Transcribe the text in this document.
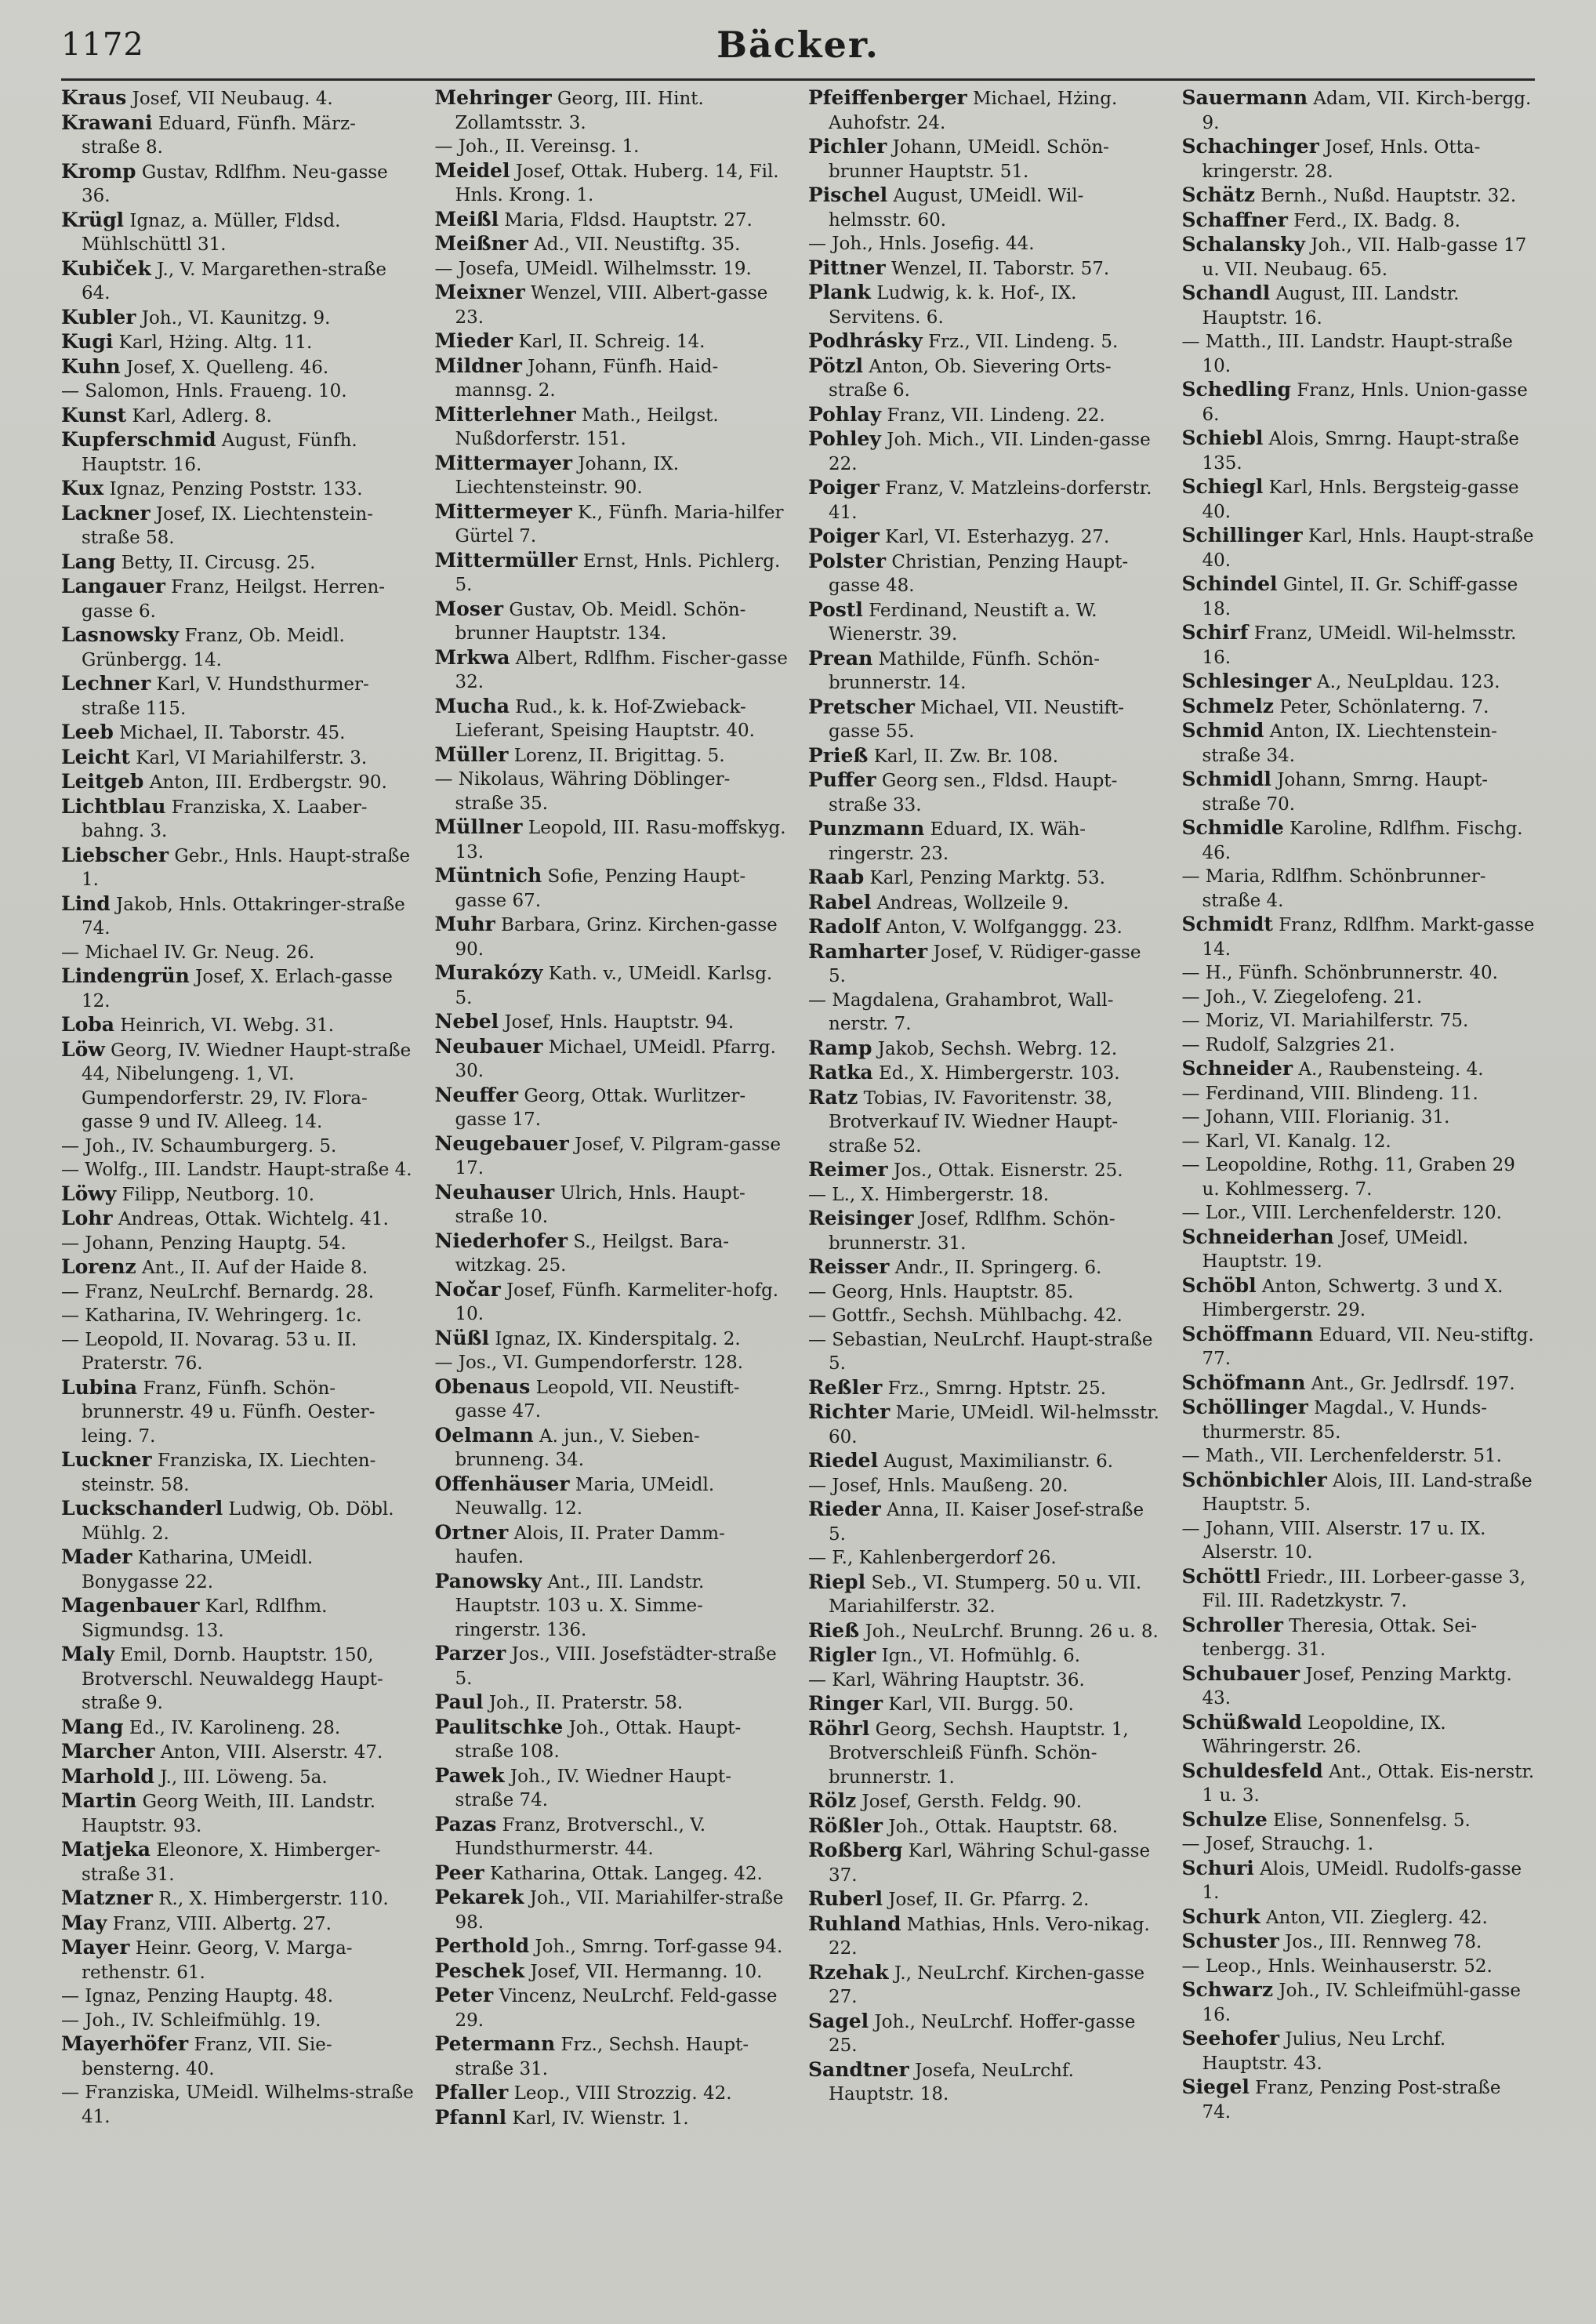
1172	Bäcker.

Kraus Josef, VII Neubaug. 4.

Krawani Eduard, Fünfh. März-straße 8.

Kromp Gustav, Rdlfhm. Neu-gasse 36.

Krügl Ignaz, a. Müller, Fldsd. Mühlschüttl 31.

Kubiček J., V. Margarethen-straße 64.

Kubler Joh., VI. Kaunitzg. 9.

Kugi Karl, Hżing. Altg. 11.

Kuhn Josef, X. Quelleng. 46.

— Salomon, Hnls. Fraueng. 10.

Kunst Karl, Adlerg. 8.

Kupferschmid August, Fünfh. Hauptstr. 16.

Kux Ignaz, Penzing Poststr. 133.

Lackner Josef, IX. Liechtenstein-straße 58.

Lang Betty, II. Circusg. 25.

Langauer Franz, Heilgst. Herren-gasse 6.

Lasnowsky Franz, Ob. Meidl. Grünbergg. 14.

Lechner Karl, V. Hundsthurmer-straße 115.

Leeb Michael, II. Taborstr. 45.

Leicht Karl, VI Mariahilferstr. 3.

Leitgeb Anton, III. Erdbergstr. 90.

Lichtblau Franziska, X. Laaber-bahng. 3.

Liebscher Gebr., Hnls. Haupt-straße 1.

Lind Jakob, Hnls. Ottakringer-straße 74.

— Michael IV. Gr. Neug. 26.

Lindengrün Josef, X. Erlach-gasse 12.

Loba Heinrich, VI. Webg. 31.

Löw Georg, IV. Wiedner Haupt-straße 44, Nibelungeng. 1, VI. Gumpendorferstr. 29, IV. Flora-gasse 9 und IV. Alleeg. 14.

— Joh., IV. Schaumburgerg. 5.

— Wolfg., III. Landstr. Haupt-straße 4.

Löwy Filipp, Neutborg. 10.

Lohr Andreas, Ottak. Wichtelg. 41.

— Johann, Penzing Hauptg. 54.

Lorenz Ant., II. Auf der Haide 8.

— Franz, NeuLrchf. Bernardg. 28.

— Katharina, IV. Wehringerg. 1c.

— Leopold, II. Novarag. 53 u. II. Praterstr. 76.

Lubina Franz, Fünfh. Schön-brunnerstr. 49 u. Fünfh. Oester-leing. 7.

Luckner Franziska, IX. Liechten-steinstr. 58.

Luckschanderl Ludwig, Ob. Döbl. Mühlg. 2.

Mader Katharina, UMeidl. Bonygasse 22.

Magenbauer Karl, Rdlfhm. Sigmundsg. 13.

Maly Emil, Dornb. Hauptstr. 150, Brotverschl. Neuwaldegg Haupt-straße 9.

Mang Ed., IV. Karolineng. 28.

Marcher Anton, VIII. Alserstr. 47.

Marhold J., III. Löweng. 5a.

Martin Georg Weith, III. Landstr. Hauptstr. 93.

Matjeka Eleonore, X. Himberger-straße 31.

Matzner R., X. Himbergerstr. 110.

May Franz, VIII. Albertg. 27.

Mayer Heinr. Georg, V. Marga-rethenstr. 61.

— Ignaz, Penzing Hauptg. 48.

— Joh., IV. Schleifmühlg. 19.

Mayerhöfer Franz, VII. Sie-bensterng. 40.

— Franziska, UMeidl. Wilhelms-straße 41.

Mehringer Georg, III. Hint. Zollamtsstr. 3.

— Joh., II. Vereinsg. 1.

Meidel Josef, Ottak. Huberg. 14, Fil. Hnls. Krong. 1.

Meißl Maria, Fldsd. Hauptstr. 27.

Meißner Ad., VII. Neustiftg. 35.

— Josefa, UMeidl. Wilhelmsstr. 19.

Meixner Wenzel, VIII. Albert-gasse 23.

Mieder Karl, II. Schreig. 14.

Mildner Johann, Fünfh. Haid-mannsg. 2.

Mitterlehner Math., Heilgst. Nußdorferstr. 151.

Mittermayer Johann, IX. Liechtensteinstr. 90.

Mittermeyer K., Fünfh. Maria-hilfer Gürtel 7.

Mittermüller Ernst, Hnls. Pichlerg. 5.

Moser Gustav, Ob. Meidl. Schön-brunner Hauptstr. 134.

Mrkwa Albert, Rdlfhm. Fischer-gasse 32.

Mucha Rud., k. k. Hof-Zwieback-Lieferant, Speising Hauptstr. 40.

Müller Lorenz, II. Brigittag. 5.

— Nikolaus, Währing Döblinger-straße 35.

Müllner Leopold, III. Rasu-moffskyg. 13.

Müntnich Sofie, Penzing Haupt-gasse 67.

Muhr Barbara, Grinz. Kirchen-gasse 90.

Murakózy Kath. v., UMeidl. Karlsg. 5.

Nebel Josef, Hnls. Hauptstr. 94.

Neubauer Michael, UMeidl. Pfarrg. 30.

Neuffer Georg, Ottak. Wurlitzer-gasse 17.

Neugebauer Josef, V. Pilgram-gasse 17.

Neuhauser Ulrich, Hnls. Haupt-straße 10.

Niederhofer S., Heilgst. Bara-witzkag. 25.

Nočar Josef, Fünfh. Karmeliter-hofg. 10.

Nüßl Ignaz, IX. Kinderspitalg. 2.

— Jos., VI. Gumpendorferstr. 128.

Obenaus Leopold, VII. Neustift-gasse 47.

Oelmann A. jun., V. Sieben-brunneng. 34.

Offenhäuser Maria, UMeidl. Neuwallg. 12.

Ortner Alois, II. Prater Damm-haufen.

Panowsky Ant., III. Landstr. Hauptstr. 103 u. X. Simme-ringerstr. 136.

Parzer Jos., VIII. Josefstädter-straße 5.

Paul Joh., II. Praterstr. 58.

Paulitschke Joh., Ottak. Haupt-straße 108.

Pawek Joh., IV. Wiedner Haupt-straße 74.

Pazas Franz, Brotverschl., V. Hundsthurmerstr. 44.

Peer Katharina, Ottak. Langeg. 42.

Pekarek Joh., VII. Mariahilfer-straße 98.

Perthold Joh., Smrng. Torf-gasse 94.

Peschek Josef, VII. Hermanng. 10.

Peter Vincenz, NeuLrchf. Feld-gasse 29.

Petermann Frz., Sechsh. Haupt-straße 31.

Pfaller Leop., VIII Strozzig. 42.

Pfannl Karl, IV. Wienstr. 1.

Pfeiffenberger Michael, Hżing. Auhofstr. 24.

Pichler Johann, UMeidl. Schön-brunner Hauptstr. 51.

Pischel August, UMeidl. Wil-helmsstr. 60.

— Joh., Hnls. Josefig. 44.

Pittner Wenzel, II. Taborstr. 57.

Plank Ludwig, k. k. Hof-, IX. Servitens. 6.

Podhrásky Frz., VII. Lindeng. 5.

Pötzl Anton, Ob. Sievering Orts-straße 6.

Pohlay Franz, VII. Lindeng. 22.

Pohley Joh. Mich., VII. Linden-gasse 22.

Poiger Franz, V. Matzleins-dorferstr. 41.

Poiger Karl, VI. Esterhazyg. 27.

Polster Christian, Penzing Haupt-gasse 48.

Postl Ferdinand, Neustift a. W. Wienerstr. 39.

Prean Mathilde, Fünfh. Schön-brunnerstr. 14.

Pretscher Michael, VII. Neustift-gasse 55.

Prieß Karl, II. Zw. Br. 108.

Puffer Georg sen., Fldsd. Haupt-straße 33.

Punzmann Eduard, IX. Wäh-ringerstr. 23.

Raab Karl, Penzing Marktg. 53.

Rabel Andreas, Wollzeile 9.

Radolf Anton, V. Wolfganggg. 23.

Ramharter Josef, V. Rüdiger-gasse 5.

— Magdalena, Grahambrot, Wall-nerstr. 7.

Ramp Jakob, Sechsh. Webrg. 12.

Ratka Ed., X. Himbergerstr. 103.

Ratz Tobias, IV. Favoritenstr. 38, Brotverkauf IV. Wiedner Haupt-straße 52.

Reimer Jos., Ottak. Eisnerstr. 25.

— L., X. Himbergerstr. 18.

Reisinger Josef, Rdlfhm. Schön-brunnerstr. 31.

Reisser Andr., II. Springerg. 6.

— Georg, Hnls. Hauptstr. 85.

— Gottfr., Sechsh. Mühlbachg. 42.

— Sebastian, NeuLrchf. Haupt-straße 5.

Reßler Frz., Smrng. Hptstr. 25.

Richter Marie, UMeidl. Wil-helmsstr. 60.

Riedel August, Maximilianstr. 6.

— Josef, Hnls. Maußeng. 20.

Rieder Anna, II. Kaiser Josef-straße 5.

— F., Kahlenbergerdorf 26.

Riepl Seb., VI. Stumperg. 50 u. VII. Mariahilferstr. 32.

Rieß Joh., NeuLrchf. Brunng. 26 u. 8.

Rigler Ign., VI. Hofmühlg. 6.

— Karl, Währing Hauptstr. 36.

Ringer Karl, VII. Burgg. 50.

Röhrl Georg, Sechsh. Hauptstr. 1, Brotverschleiß Fünfh. Schön-brunnerstr. 1.

Rölz Josef, Gersth. Feldg. 90.

Rößler Joh., Ottak. Hauptstr. 68.

Roßberg Karl, Währing Schul-gasse 37.

Ruberl Josef, II. Gr. Pfarrg. 2.

Ruhland Mathias, Hnls. Vero-nikag. 22.

Rzehak J., NeuLrchf. Kirchen-gasse 27.

Sagel Joh., NeuLrchf. Hoffer-gasse 25.

Sandtner Josefa, NeuLrchf. Hauptstr. 18.

Sauermann Adam, VII. Kirch-bergg. 9.

Schachinger Josef, Hnls. Otta-kringerstr. 28.

Schätz Bernh., Nußd. Hauptstr. 32.

Schaffner Ferd., IX. Badg. 8.

Schalansky Joh., VII. Halb-gasse 17 u. VII. Neubaug. 65.

Schandl August, III. Landstr. Hauptstr. 16.

— Matth., III. Landstr. Haupt-straße 10.

Schedling Franz, Hnls. Union-gasse 6.

Schiebl Alois, Smrng. Haupt-straße 135.

Schiegl Karl, Hnls. Bergsteig-gasse 40.

Schillinger Karl, Hnls. Haupt-straße 40.

Schindel Gintel, II. Gr. Schiff-gasse 18.

Schirf Franz, UMeidl. Wil-helmsstr. 16.

Schlesinger A., NeuLpldau. 123.

Schmelz Peter, Schönlaterng. 7.

Schmid Anton, IX. Liechtenstein-straße 34.

Schmidl Johann, Smrng. Haupt-straße 70.

Schmidle Karoline, Rdlfhm. Fischg. 46.

— Maria, Rdlfhm. Schönbrunner-straße 4.

Schmidt Franz, Rdlfhm. Markt-gasse 14.

— H., Fünfh. Schönbrunnerstr. 40.

— Joh., V. Ziegelofeng. 21.

— Moriz, VI. Mariahilferstr. 75.

— Rudolf, Salzgries 21.

Schneider A., Raubensteing. 4.

— Ferdinand, VIII. Blindeng. 11.

— Johann, VIII. Florianig. 31.

— Karl, VI. Kanalg. 12.

— Leopoldine, Rothg. 11, Graben 29 u. Kohlmesserg. 7.

— Lor., VIII. Lerchenfelderstr. 120.

Schneiderhan Josef, UMeidl. Hauptstr. 19.

Schöbl Anton, Schwertg. 3 und X. Himbergerstr. 29.

Schöffmann Eduard, VII. Neu-stiftg. 77.

Schöfmann Ant., Gr. Jedlrsdf. 197.

Schöllinger Magdal., V. Hunds-thurmerstr. 85.

— Math., VII. Lerchenfelderstr. 51.

Schönbichler Alois, III. Land-straße Hauptstr. 5.

— Johann, VIII. Alserstr. 17 u. IX. Alserstr. 10.

Schöttl Friedr., III. Lorbeer-gasse 3, Fil. III. Radetzkystr. 7.

Schroller Theresia, Ottak. Sei-tenbergg. 31.

Schubauer Josef, Penzing Marktg. 43.

Schüßwald Leopoldine, IX. Währingerstr. 26.

Schuldesfeld Ant., Ottak. Eis-nerstr. 1 u. 3.

Schulze Elise, Sonnenfelsg. 5.

— Josef, Strauchg. 1.

Schuri Alois, UMeidl. Rudolfs-gasse 1.

Schurk Anton, VII. Zieglerg. 42.

Schuster Jos., III. Rennweg 78.

— Leop., Hnls. Weinhauserstr. 52.

Schwarz Joh., IV. Schleifmühl-gasse 16.

Seehofer Julius, Neu Lrchf. Hauptstr. 43.

Siegel Franz, Penzing Post-straße 74.
